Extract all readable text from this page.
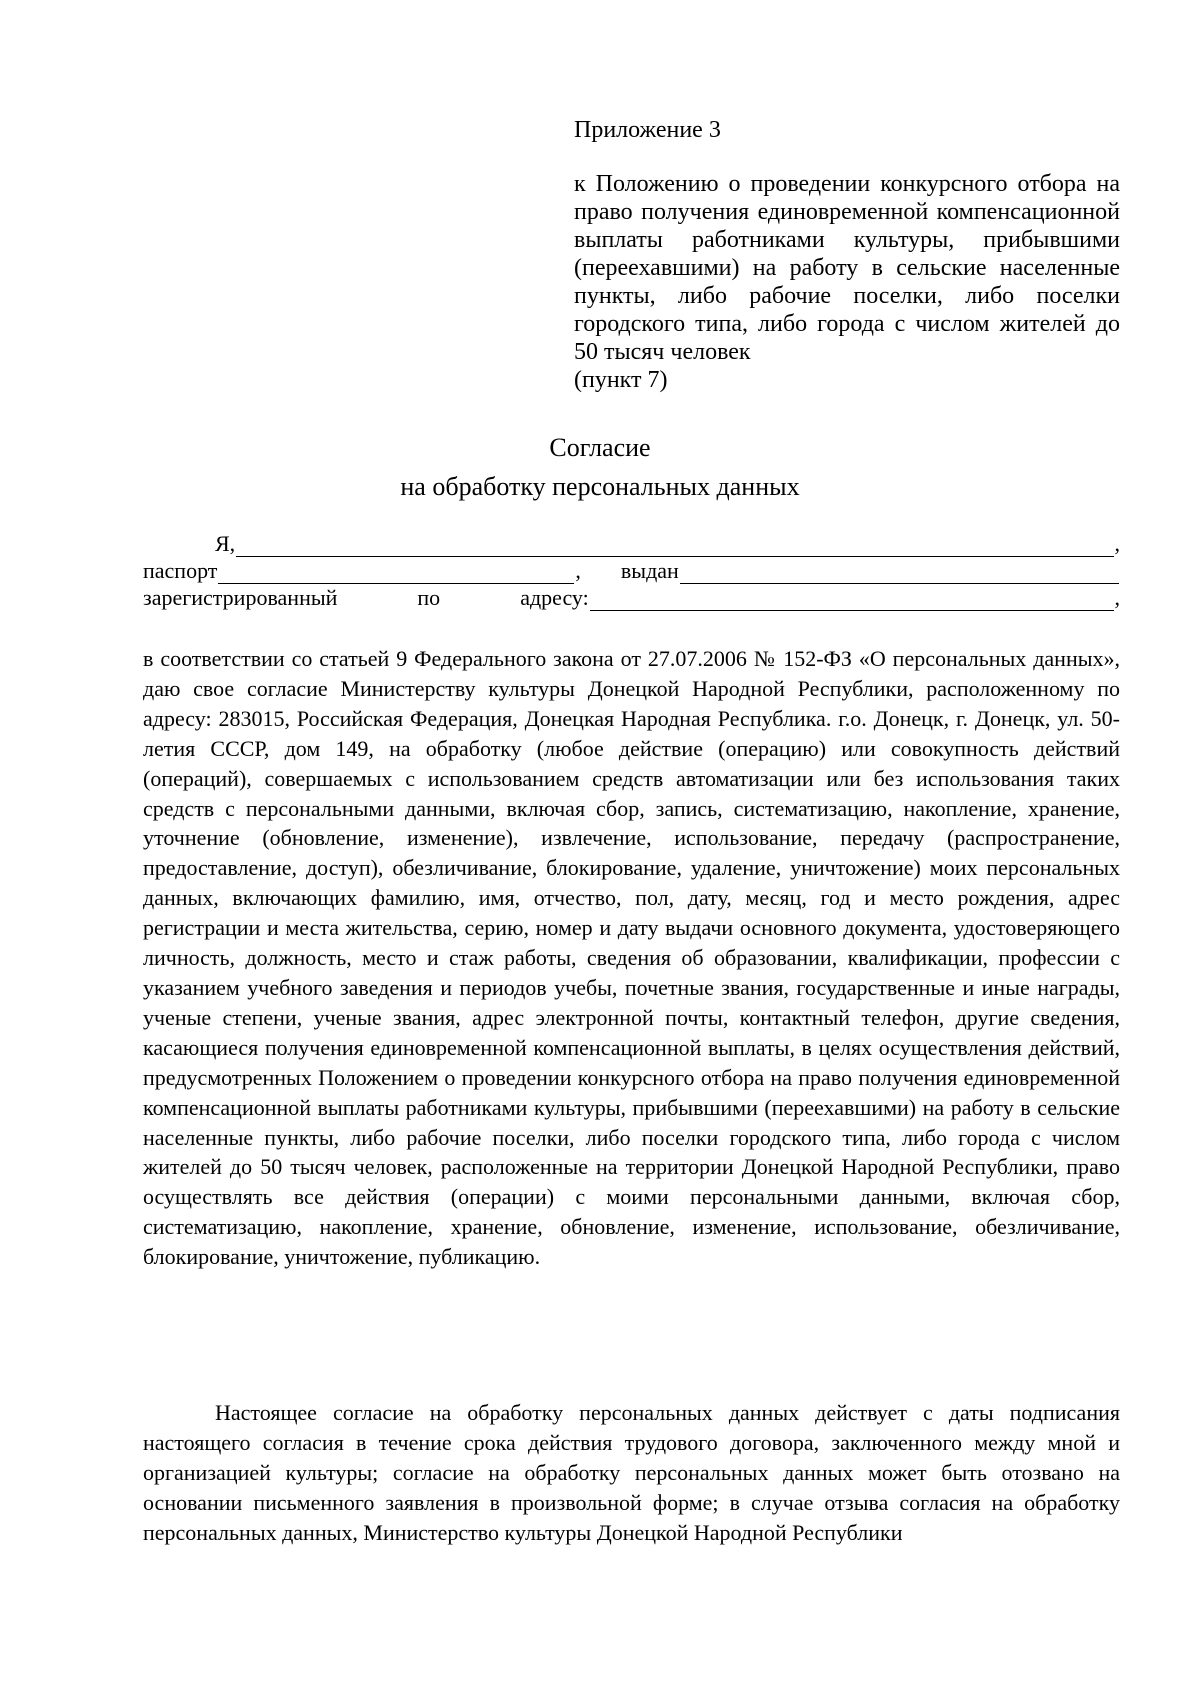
Приложение 3

к Положению о проведении конкурсного отбора на право получения единовременной компенсационной выплаты работниками культуры, прибывшими (переехавшими) на работу в сельские населенные пункты, либо рабочие поселки, либо поселки городского типа, либо города с числом жителей до 50 тысяч человек

(пункт 7)

Согласие
на обработку персональных данных
Я,	,
паспорт	, выдан
зарегистрированный	по	адресу:	,

в соответствии со статьей 9 Федерального закона от 27.07.2006 № 152-ФЗ «О персональных данных», даю свое согласие Министерству культуры Донецкой Народной Республики, расположенному по адресу: 283015, Российская Федерация, Донецкая Народная Республика. г.о. Донецк, г. Донецк, ул. 50-летия СССР, дом 149, на обработку (любое действие (операцию) или совокупность действий (операций), совершаемых с использованием средств автоматизации или без использования таких средств с персональными данными, включая сбор, запись, систематизацию, накопление, хранение, уточнение (обновление, изменение), извлечение, использование, передачу (распространение, предоставление, доступ), обезличивание, блокирование, удаление, уничтожение) моих персональных данных, включающих фамилию, имя, отчество, пол, дату, месяц, год и место рождения, адрес регистрации и места жительства, серию, номер и дату выдачи основного документа, удостоверяющего личность, должность, место и стаж работы, сведения об образовании, квалификации, профессии с указанием учебного заведения и периодов учебы, почетные звания, государственные и иные награды, ученые степени, ученые звания, адрес электронной почты, контактный телефон, другие сведения, касающиеся получения единовременной компенсационной выплаты, в целях осуществления действий, предусмотренных Положением о проведении конкурсного отбора на право получения единовременной компенсационной выплаты работниками культуры, прибывшими (переехавшими) на работу в сельские населенные пункты, либо рабочие поселки, либо поселки городского типа, либо города с числом жителей до 50 тысяч человек, расположенные на территории Донецкой Народной Республики, право осуществлять все действия (операции) с моими персональными данными, включая сбор, систематизацию, накопление, хранение, обновление, изменение, использование, обезличивание, блокирование, уничтожение, публикацию.

Настоящее согласие на обработку персональных данных действует с даты подписания настоящего согласия в течение срока действия трудового договора, заключенного между мной и организацией культуры; согласие на обработку персональных данных может быть отозвано на основании письменного заявления в произвольной форме; в случае отзыва согласия на обработку персональных данных, Министерство культуры Донецкой Народной Республики
